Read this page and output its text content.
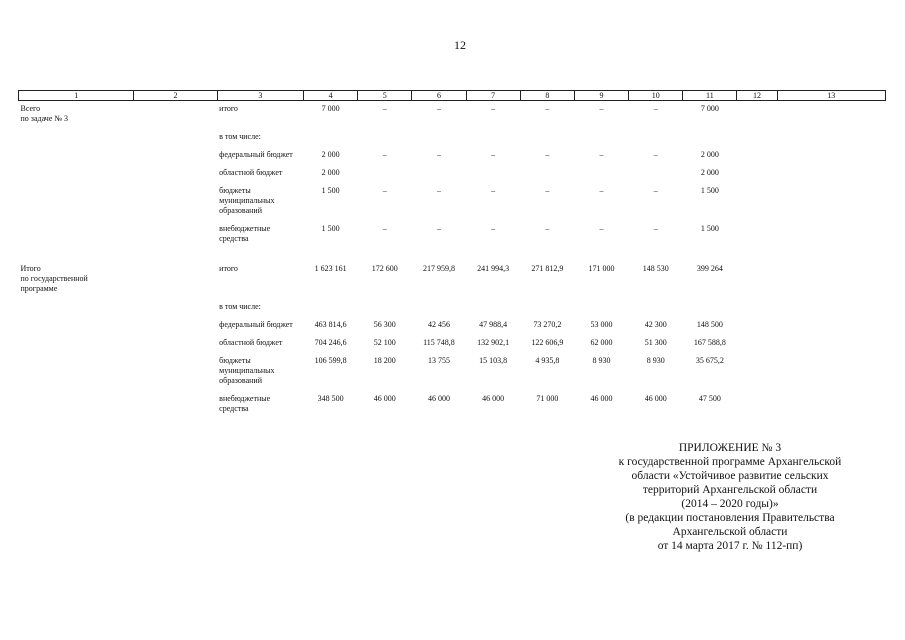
12
1	2	3	4	5	6	7	8	9	10	11	12	13
Всего
по задаче № 3		итого	7 000	–	–	–	–	–	–	7 000		
		в том числе:										
		федеральный бюджет	2 000	–	–	–	–	–	–	2 000		
		областной бюджет	2 000							2 000		
		бюджеты муниципальных образований	1 500	–	–	–	–	–	–	1 500		
		внебюджетные средства	1 500	–	–	–	–	–	–	1 500		

Итого
по государственной
программе		итого	1 623 161	172 600	217 959,8	241 994,3	271 812,9	171 000	148 530	399 264		
		в том числе:										
		федеральный бюджет	463 814,6	56 300	42 456	47 988,4	73 270,2	53 000	42 300	148 500		
		областной бюджет	704 246,6	52 100	115 748,8	132 902,1	122 606,9	62 000	51 300	167 588,8		
		бюджеты муниципальных образований	106 599,8	18 200	13 755	15 103,8	4 935,8	8 930	8 930	35 675,2		
		внебюджетные средства	348 500	46 000	46 000	46 000	71 000	46 000	46 000	47 500		
ПРИЛОЖЕНИЕ № 3
к государственной программе Архангельской
области «Устойчивое развитие сельских
территорий Архангельской области
(2014 – 2020 годы)»
(в редакции постановления Правительства
Архангельской области
от 14 марта 2017 г. № 112-пп)
